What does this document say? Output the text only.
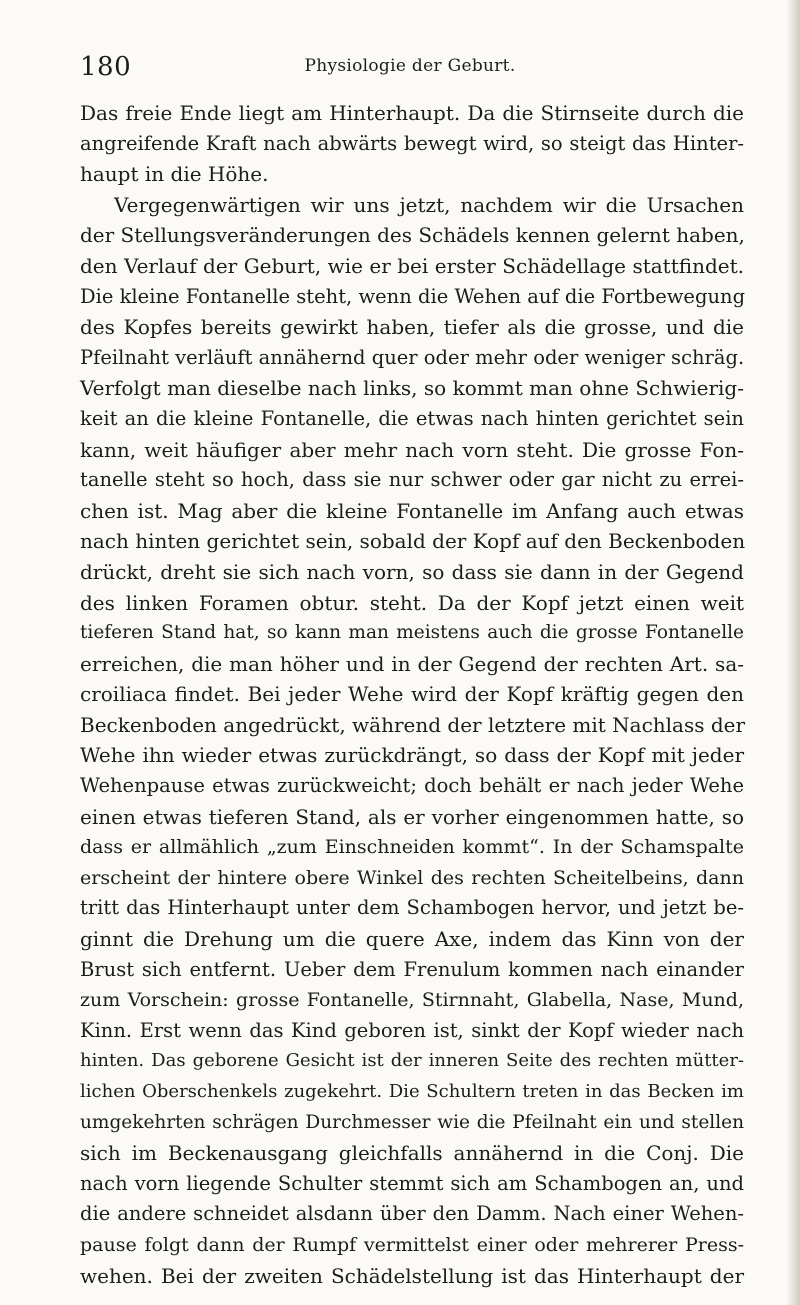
180	Physiologie der Geburt.
Das freie Ende liegt am Hinterhaupt. Da die Stirnseite durch die
angreifende Kraft nach abwärts bewegt wird, so steigt das Hinter-
haupt in die Höhe.
Vergegenwärtigen wir uns jetzt, nachdem wir die Ursachen
der Stellungsveränderungen des Schädels kennen gelernt haben,
den Verlauf der Geburt, wie er bei erster Schädellage stattfindet.
Die kleine Fontanelle steht, wenn die Wehen auf die Fortbewegung
des Kopfes bereits gewirkt haben, tiefer als die grosse, und die
Pfeilnaht verläuft annähernd quer oder mehr oder weniger schräg.
Verfolgt man dieselbe nach links, so kommt man ohne Schwierig-
keit an die kleine Fontanelle, die etwas nach hinten gerichtet sein
kann, weit häufiger aber mehr nach vorn steht. Die grosse Fon-
tanelle steht so hoch, dass sie nur schwer oder gar nicht zu errei-
chen ist. Mag aber die kleine Fontanelle im Anfang auch etwas
nach hinten gerichtet sein, sobald der Kopf auf den Beckenboden
drückt, dreht sie sich nach vorn, so dass sie dann in der Gegend
des linken Foramen obtur. steht. Da der Kopf jetzt einen weit
tieferen Stand hat, so kann man meistens auch die grosse Fontanelle
erreichen, die man höher und in der Gegend der rechten Art. sa-
croiliaca findet. Bei jeder Wehe wird der Kopf kräftig gegen den
Beckenboden angedrückt, während der letztere mit Nachlass der
Wehe ihn wieder etwas zurückdrängt, so dass der Kopf mit jeder
Wehenpause etwas zurückweicht; doch behält er nach jeder Wehe
einen etwas tieferen Stand, als er vorher eingenommen hatte, so
dass er allmählich „zum Einschneiden kommt“. In der Schamspalte
erscheint der hintere obere Winkel des rechten Scheitelbeins, dann
tritt das Hinterhaupt unter dem Schambogen hervor, und jetzt be-
ginnt die Drehung um die quere Axe, indem das Kinn von der
Brust sich entfernt. Ueber dem Frenulum kommen nach einander
zum Vorschein: grosse Fontanelle, Stirnnaht, Glabella, Nase, Mund,
Kinn. Erst wenn das Kind geboren ist, sinkt der Kopf wieder nach
hinten. Das geborene Gesicht ist der inneren Seite des rechten mütter-
lichen Oberschenkels zugekehrt. Die Schultern treten in das Becken im
umgekehrten schrägen Durchmesser wie die Pfeilnaht ein und stellen
sich im Beckenausgang gleichfalls annähernd in die Conj. Die
nach vorn liegende Schulter stemmt sich am Schambogen an, und
die andere schneidet alsdann über den Damm. Nach einer Wehen-
pause folgt dann der Rumpf vermittelst einer oder mehrerer Press-
wehen. Bei der zweiten Schädelstellung ist das Hinterhaupt der
